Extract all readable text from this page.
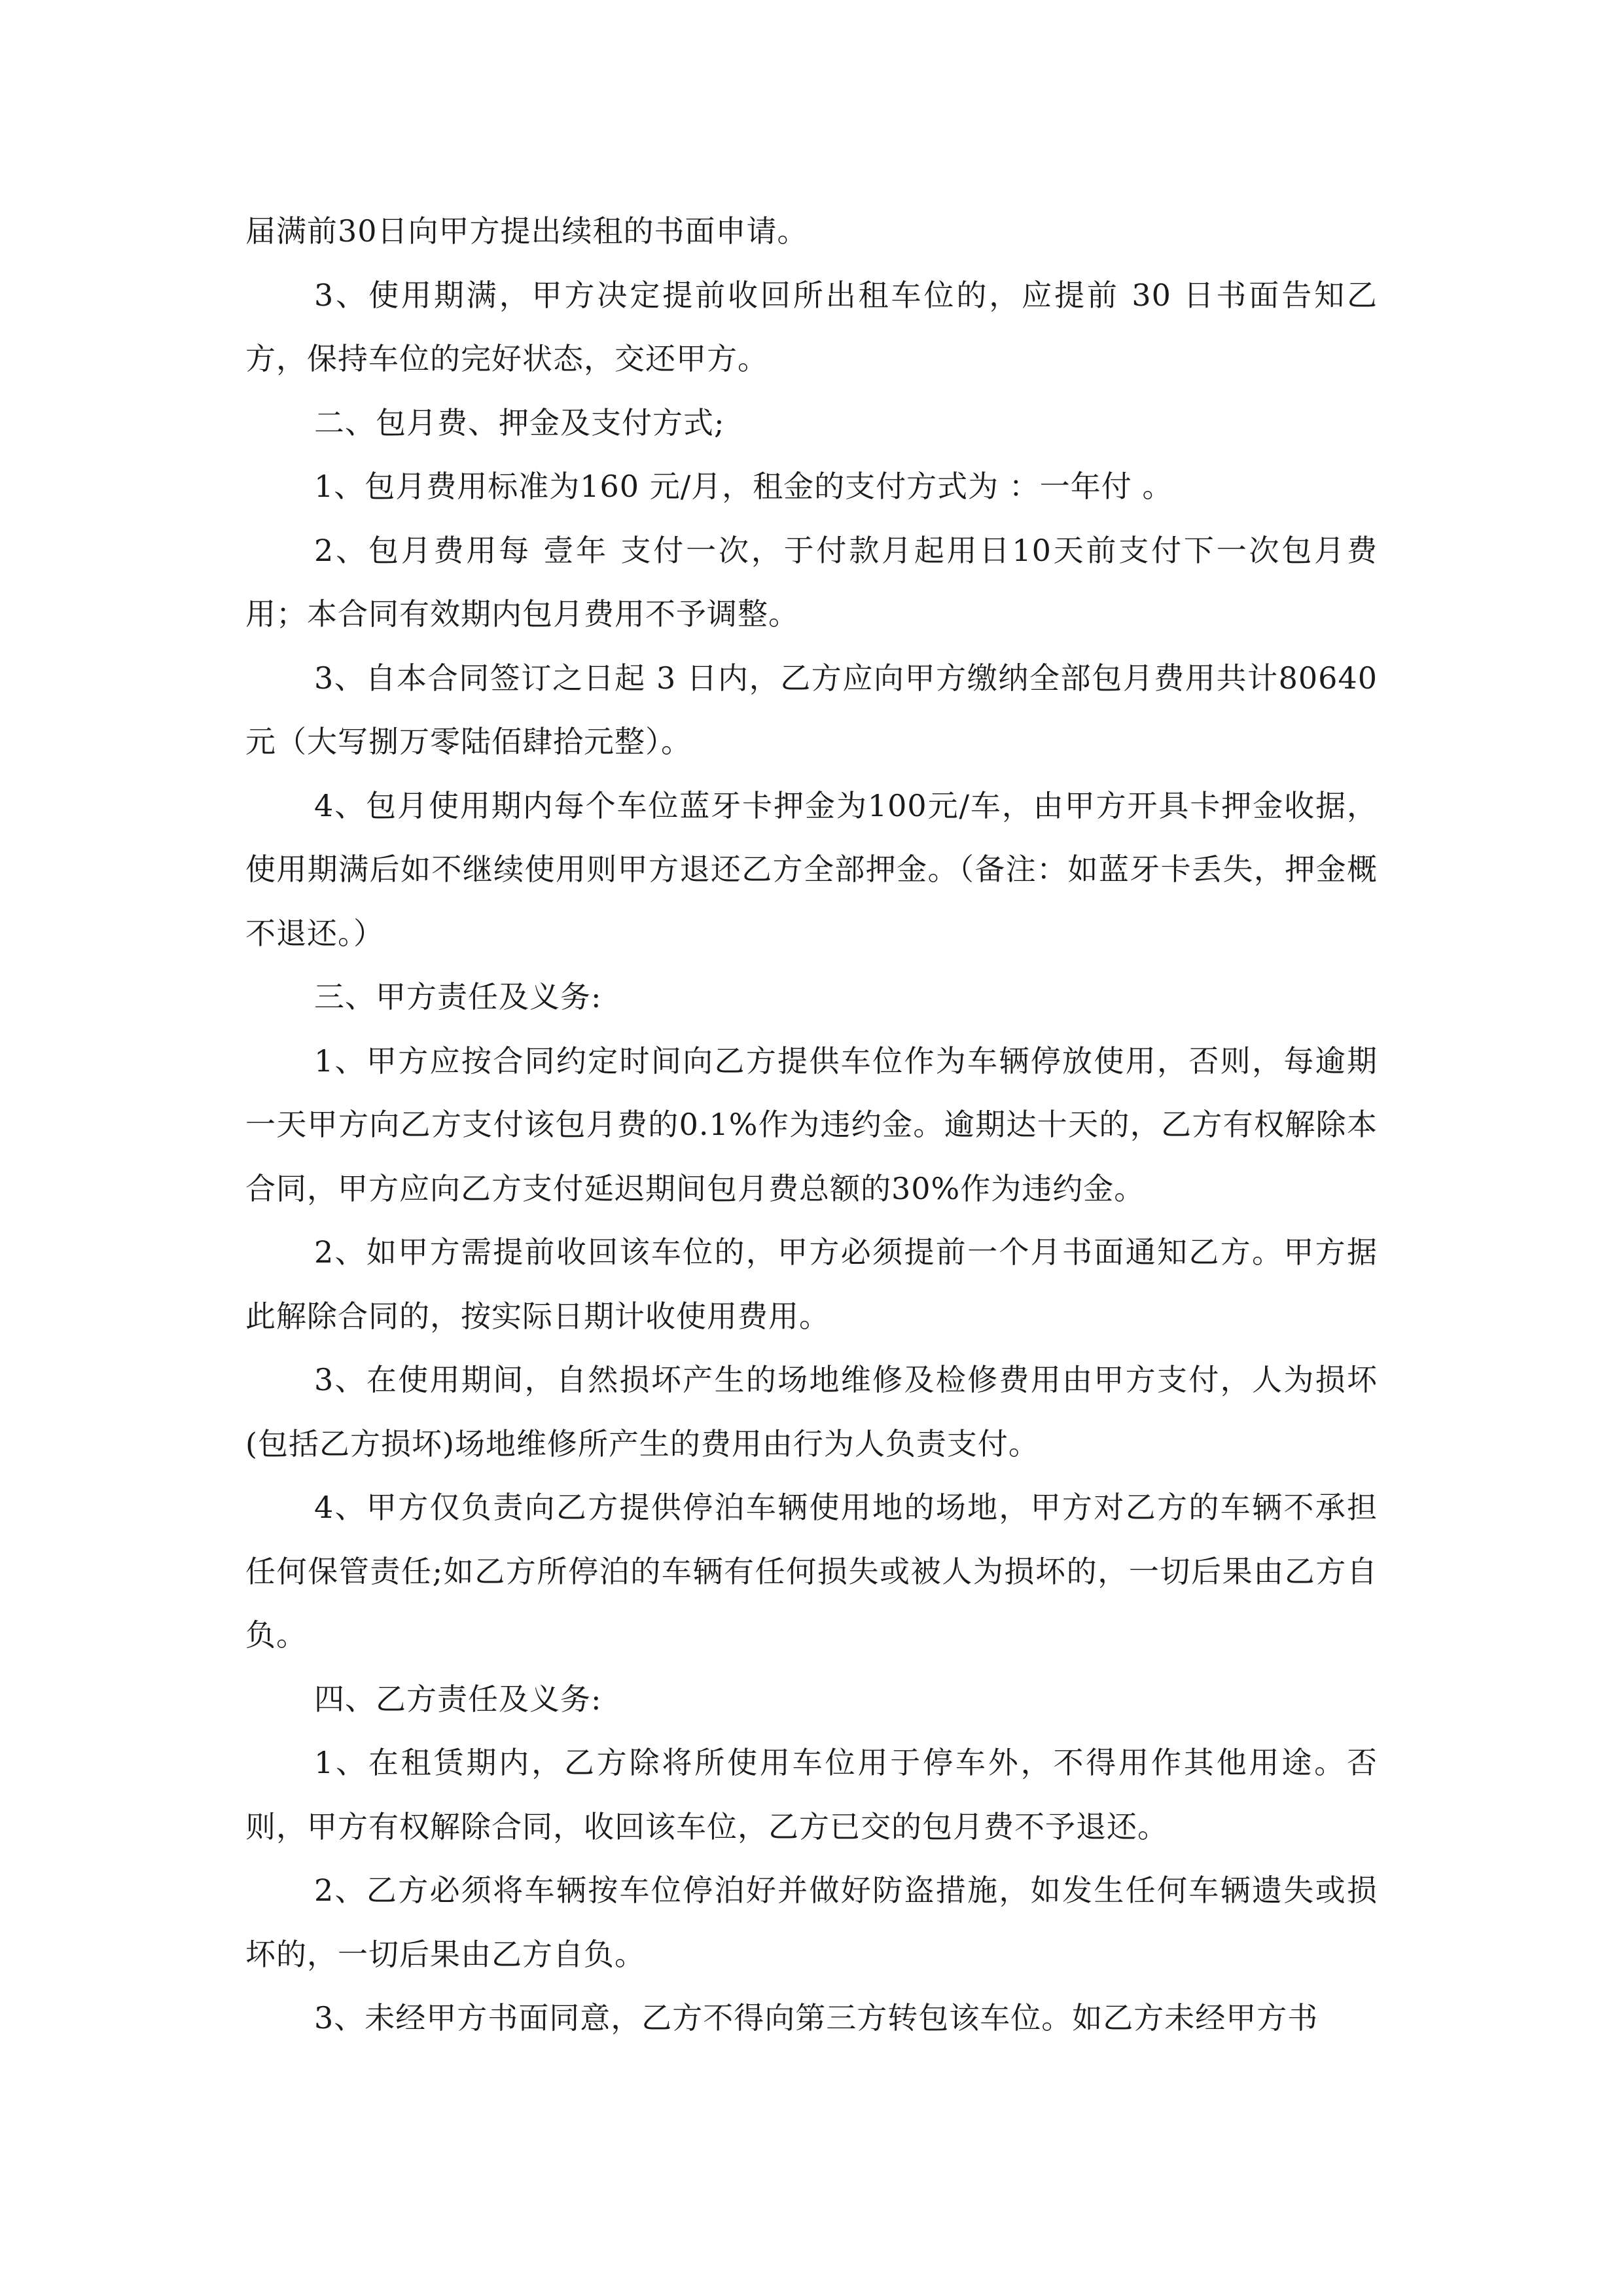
届满前30日向甲方提出续租的书面申请。

3、使用期满，甲方决定提前收回所出租车位的，应提前 30 日书面告知乙方，保持车位的完好状态，交还甲方。

二、包月费、押金及支付方式;

1、包月费用标准为160 元/月，租金的支付方式为 ：一年付 。

2、包月费用每 壹年 支付一次，于付款月起用日10天前支付下一次包月费用；本合同有效期内包月费用不予调整。

3、自本合同签订之日起 3 日内，乙方应向甲方缴纳全部包月费用共计80640元（大写捌万零陆佰肆拾元整）。

4、包月使用期内每个车位蓝牙卡押金为100元/车，由甲方开具卡押金收据，使用期满后如不继续使用则甲方退还乙方全部押金。（备注：如蓝牙卡丢失，押金概不退还。）

三、甲方责任及义务:

1、甲方应按合同约定时间向乙方提供车位作为车辆停放使用，否则，每逾期一天甲方向乙方支付该包月费的0.1%作为违约金。逾期达十天的，乙方有权解除本合同，甲方应向乙方支付延迟期间包月费总额的30%作为违约金。

2、如甲方需提前收回该车位的，甲方必须提前一个月书面通知乙方。甲方据此解除合同的，按实际日期计收使用费用。

3、在使用期间，自然损坏产生的场地维修及检修费用由甲方支付，人为损坏(包括乙方损坏)场地维修所产生的费用由行为人负责支付。

4、甲方仅负责向乙方提供停泊车辆使用地的场地，甲方对乙方的车辆不承担任何保管责任;如乙方所停泊的车辆有任何损失或被人为损坏的，一切后果由乙方自负。

四、乙方责任及义务:

1、在租赁期内，乙方除将所使用车位用于停车外，不得用作其他用途。否则，甲方有权解除合同，收回该车位，乙方已交的包月费不予退还。

2、乙方必须将车辆按车位停泊好并做好防盗措施，如发生任何车辆遗失或损坏的，一切后果由乙方自负。

3、未经甲方书面同意，乙方不得向第三方转包该车位。如乙方未经甲方书
